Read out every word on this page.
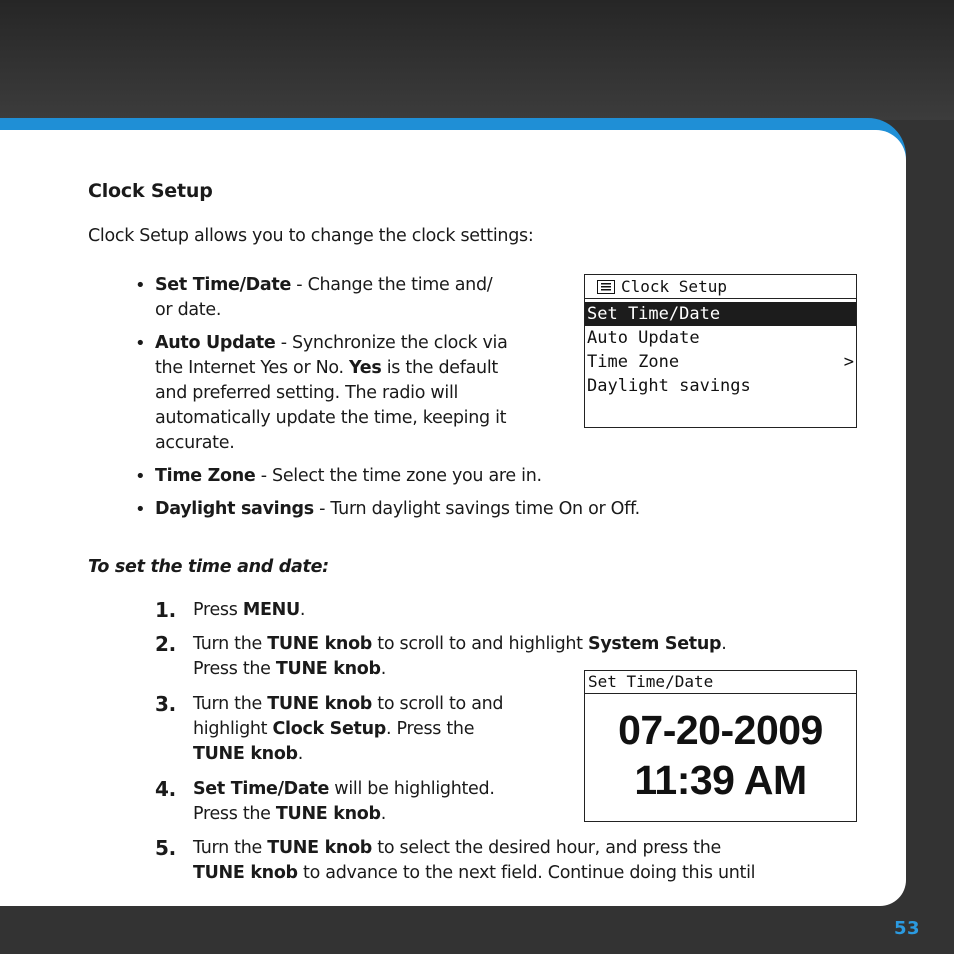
Clock Setup

Clock Setup allows you to change the clock settings:

• Set Time/Date - Change the time and/
or date.
• Auto Update - Synchronize the clock via
the Internet Yes or No. Yes is the default
and preferred setting. The radio will
automatically update the time, keeping it
accurate.
• Time Zone - Select the time zone you are in.
• Daylight savings - Turn daylight savings time On or Off.
Clock Setup
Set Time/Date
Auto Update
Time Zone	>
Daylight savings
To set the time and date:
1. Press MENU.
2. Turn the TUNE knob to scroll to and highlight System Setup.
Press the TUNE knob.
3. Turn the TUNE knob to scroll to and
highlight Clock Setup. Press the
TUNE knob.
4. Set Time/Date will be highlighted.
Press the TUNE knob.
5. Turn the TUNE knob to select the desired hour, and press the
TUNE knob to advance to the next field. Continue doing this until
Set Time/Date
07-20-2009
11:39 AM
53
